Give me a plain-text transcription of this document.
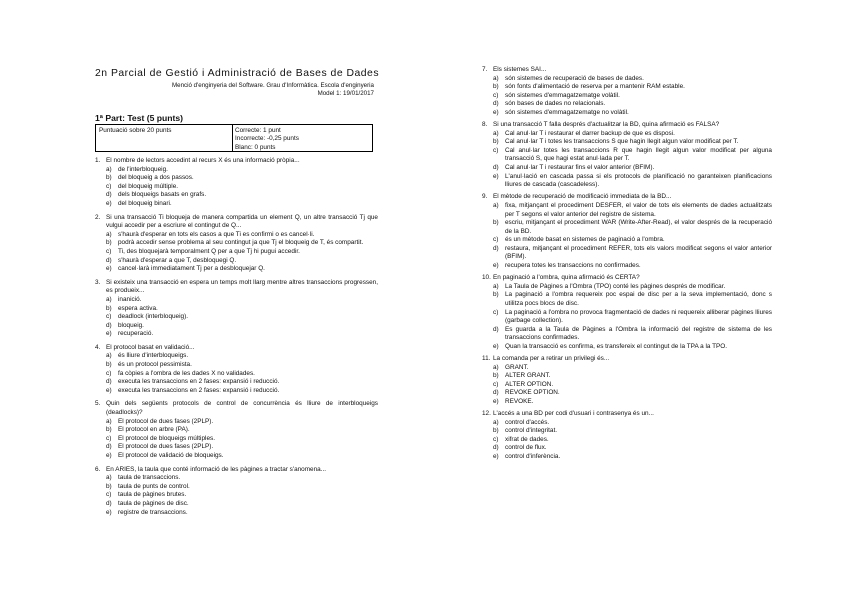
2n Parcial de Gestió i Administració de Bases de Dades
Menció d'enginyeria del Software. Grau d'Informàtica. Escola d'enginyeria
Model 1: 19/01/2017
1ª Part: Test (5 punts)
Puntuació sobre 20 punts	Correcte: 1 punt
Incorrecte: -0,25 punts
Blanc: 0 punts
1. El nombre de lectors accedint al recurs X és una informació pròpia...
a) de l'interbloqueig.
b) del bloqueig a dos passos.
c)	del bloqueig múltiple.
d) dels bloqueigs basats en grafs.
e) del bloqueig binari.
2. Si una transacció Ti bloqueja de manera compartida un element Q, un altre transacció Tj que vulgui accedir per a escriure el contingut de Q...
a) s'haurà d'esperar en tots els casos a que Ti es confirmi o es cancel·li.
b) podrà accedir sense problema al seu contingut ja que Tj el bloqueig de T, és compartit.
c)	Ti, des bloquejarà temporalment Q per a que Tj hi pugui accedir.
d) s'haurà d'esperar a que T, desbloquegi Q.
e) cancel·larà immediatament Tj per a desbloquejar Q.
3. Si existeix una transacció en espera un temps molt llarg mentre altres transaccions progressen, es produeix...
a) inanició.
b) espera activa.
c)	deadlock (interbloqueig).
d) bloqueig.
e) recuperació.
4. El protocol basat en validació...
a) és lliure d'interbloqueigs.
b) és un protocol pessimista.
c)	fa còpies a l'ombra de les dades X no validades.
d) executa les transaccions en 2 fases: expansió i reducció.
e) executa les transaccions en 2 fases: expansió i reducció.
5. Quin dels següents protocols de control de concurrència és lliure de interbloqueigs (deadlocks)?
a) El protocol de dues fases (2PLP).
b) El protocol en arbre (PA).
c)	El protocol de bloqueigs múltiples.
d) El protocol de dues fases (2PLP).
e) El protocol de validació de bloqueigs.
6. En ARIES, la taula que conté informació de les pàgines a tractar s'anomena...
a) taula de transaccions.
b) taula de punts de control.
c)	taula de pàgines brutes.
d) taula de pàgines de disc.
e) registre de transaccions.
7. Els sistemes SAI...
a) són sistemes de recuperació de bases de dades.
b) són fonts d'alimentació de reserva per a mantenir RAM estable.
c)	són sistemes d'emmagatzematge volàtil.
d) són bases de dades no relacionals.
e) són sistemes d'emmagatzematge no volàtil.
8. Si una transacció T falla després d'actualitzar la BD, quina afirmació es FALSA?
a) Cal anul·lar T i restaurar el darrer backup de que es disposi.
b) Cal anul·lar T i totes les transaccions S que hagin llegit algun valor modificat per T.
c)	Cal anul·lar totes les transaccions R que hagin llegit algun valor modificat per alguna transacció S, que hagi estat anul·lada per T.
d) Cal anul·lar T i restaurar fins el valor anterior (BFIM).
e) L'anul·lació en cascada passa si els protocols de planificació no garanteixen planificacions lliures de cascada (cascadeless).
9. El mètode de recuperació de modificació immediata de la BD...
a) fixa, mitjançant el procediment DESFER, el valor de tots els elements de dades actualitzats per T segons el valor anterior del registre de sistema.
b) escriu, mitjançant el procediment WAR (Write-After-Read), el valor després de la recuperació de la BD.
c)	és un mètode basat en sistemes de paginació a l'ombra.
d) restaura, mitjançant el procediment REFER, tots els valors modificat segons el valor anterior (BFIM).
e) recupera totes les transaccions no confirmades.
10. En paginació a l'ombra, quina afirmació és CERTA?
a) La Taula de Pàgines a l'Ombra (TPO) conté les pàgines després de modificar.
b) La paginació a l'ombra requereix poc espai de disc per a la seva implementació, donc s utilitza pocs blocs de disc.
c)	La paginació a l'ombra no provoca fragmentació de dades ni requereix alliberar pàgines lliures (garbage collection).
d) Es guarda a la Taula de Pàgines a l'Ombra la informació del registre de sistema de les transaccions confirmades.
e) Quan la transacció es confirma, es transfereix el contingut de la TPA a la TPO.
11. La comanda per a retirar un privilegi és...
a) GRANT.
b) ALTER GRANT.
c)	ALTER OPTION.
d) REVOKE OPTION.
e) REVOKE.
12. L'accés a una BD per codi d'usuari i contrasenya és un...
a) control d'accés.
b) control d'integritat.
c)	xifrat de dades.
d) control de flux.
e) control d'inferència.
